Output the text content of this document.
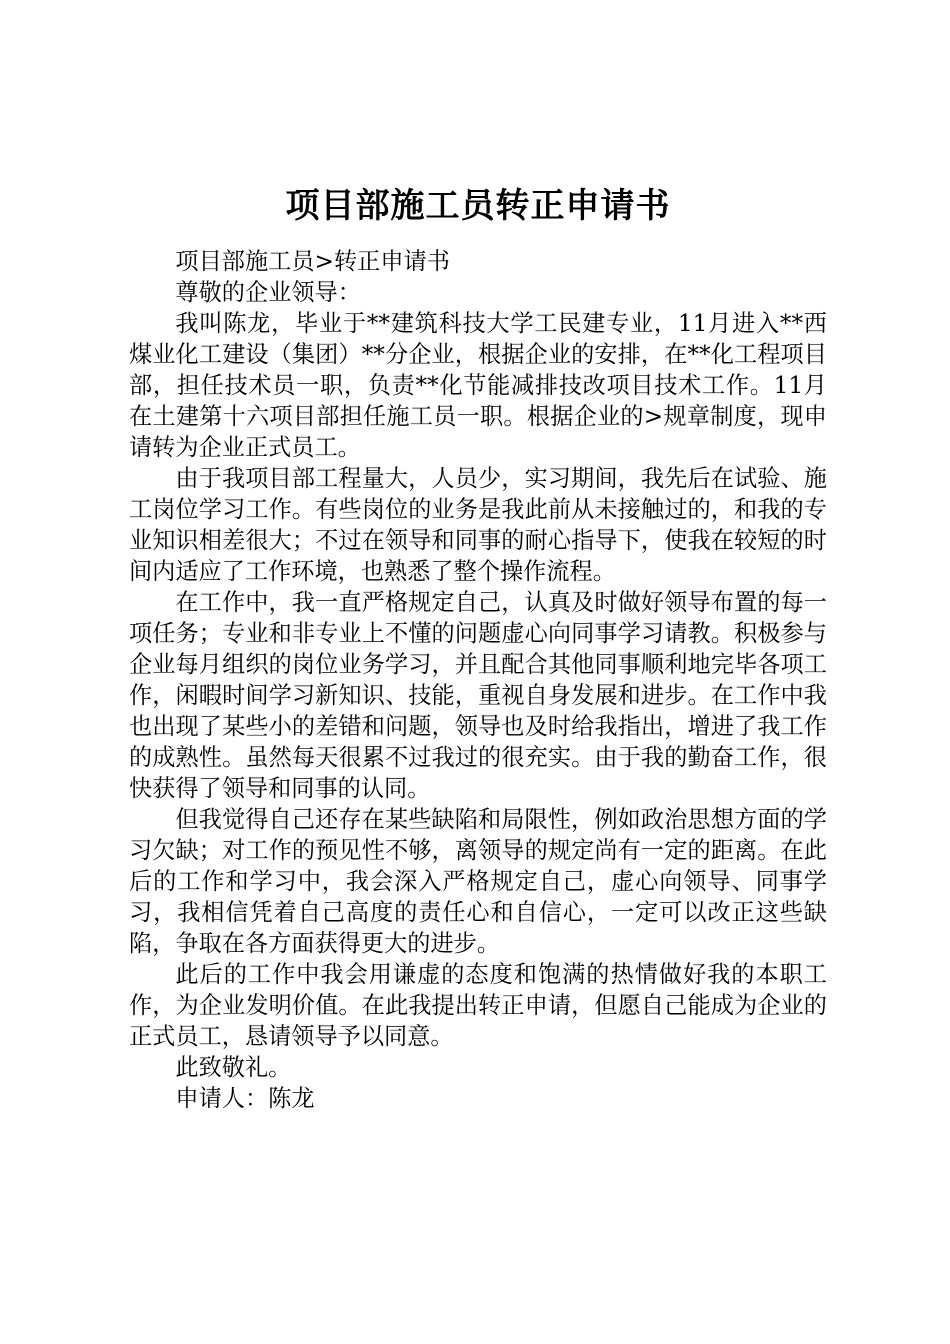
项目部施工员转正申请书

项目部施工员>转正申请书

尊敬的企业领导：

我叫陈龙，毕业于**建筑科技大学工民建专业，11月进入**西煤业化工建设（集团）**分企业，根据企业的安排，在**化工程项目部，担任技术员一职，负责**化节能减排技改项目技术工作。11月在土建第十六项目部担任施工员一职。根据企业的>规章制度，现申请转为企业正式员工。

由于我项目部工程量大，人员少，实习期间，我先后在试验、施工岗位学习工作。有些岗位的业务是我此前从未接触过的，和我的专业知识相差很大；不过在领导和同事的耐心指导下，使我在较短的时间内适应了工作环境，也熟悉了整个操作流程。

在工作中，我一直严格规定自己，认真及时做好领导布置的每一项任务；专业和非专业上不懂的问题虚心向同事学习请教。积极参与企业每月组织的岗位业务学习，并且配合其他同事顺利地完毕各项工作，闲暇时间学习新知识、技能，重视自身发展和进步。在工作中我也出现了某些小的差错和问题，领导也及时给我指出，增进了我工作的成熟性。虽然每天很累不过我过的很充实。由于我的勤奋工作，很快获得了领导和同事的认同。

但我觉得自己还存在某些缺陷和局限性，例如政治思想方面的学习欠缺；对工作的预见性不够，离领导的规定尚有一定的距离。在此后的工作和学习中，我会深入严格规定自己，虚心向领导、同事学习，我相信凭着自己高度的责任心和自信心，一定可以改正这些缺陷，争取在各方面获得更大的进步。

此后的工作中我会用谦虚的态度和饱满的热情做好我的本职工作，为企业发明价值。在此我提出转正申请，但愿自己能成为企业的正式员工，恳请领导予以同意。

此致敬礼。

申请人：陈龙
